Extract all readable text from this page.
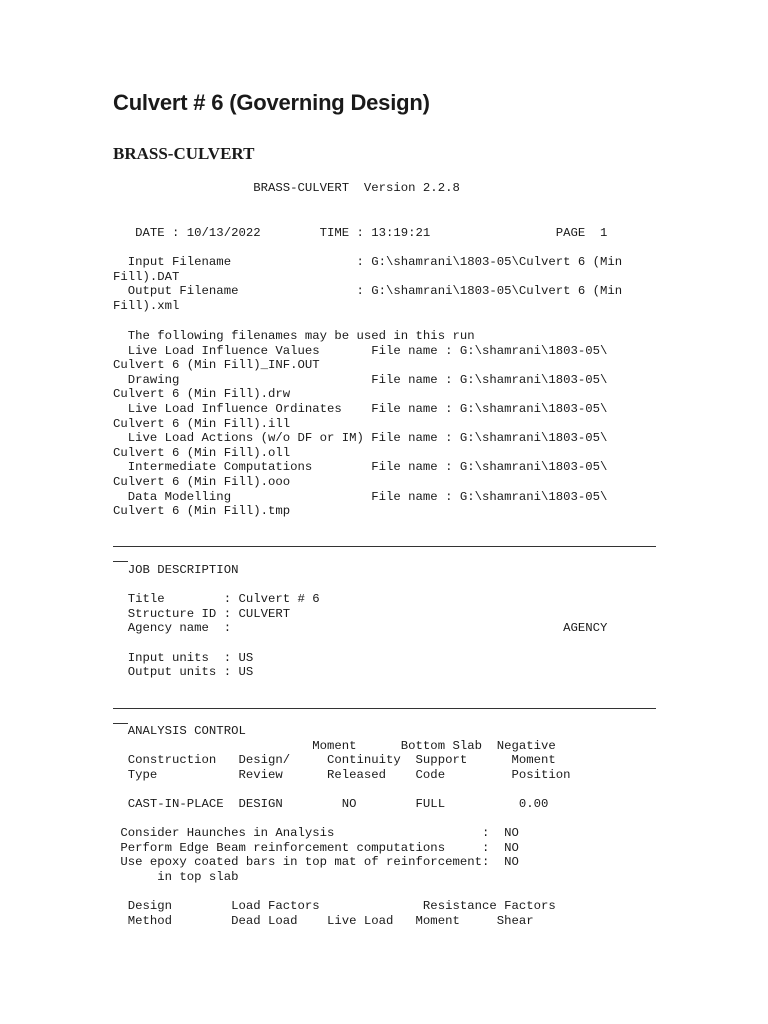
Culvert # 6 (Governing Design)
BRASS-CULVERT
BRASS-CULVERT  Version 2.2.8
DATE : 10/13/2022        TIME : 13:19:21                 PAGE  1
Input Filename                 : G:\shamrani\1803-05\Culvert 6 (Min
Fill).DAT
Output Filename                : G:\shamrani\1803-05\Culvert 6 (Min
Fill).xml
The following filenames may be used in this run
Live Load Influence Values       File name : G:\shamrani\1803-05\
Culvert 6 (Min Fill)_INF.OUT
Drawing                          File name : G:\shamrani\1803-05\
Culvert 6 (Min Fill).drw
Live Load Influence Ordinates    File name : G:\shamrani\1803-05\
Culvert 6 (Min Fill).ill
Live Load Actions (w/o DF or IM) File name : G:\shamrani\1803-05\
Culvert 6 (Min Fill).oll
Intermediate Computations        File name : G:\shamrani\1803-05\
Culvert 6 (Min Fill).ooo
Data Modelling                   File name : G:\shamrani\1803-05\
Culvert 6 (Min Fill).tmp
JOB DESCRIPTION

Title        : Culvert # 6
Structure ID : CULVERT
Agency name  :                                             AGENCY

Input units  : US
Output units : US
ANALYSIS CONTROL
Moment      Bottom Slab  Negative
Construction   Design/     Continuity  Support      Moment
Type           Review      Released    Code         Position

CAST-IN-PLACE  DESIGN        NO        FULL          0.00

Consider Haunches in Analysis                    :  NO
Perform Edge Beam reinforcement computations     :  NO
Use epoxy coated bars in top mat of reinforcement:  NO
in top slab

Design        Load Factors              Resistance Factors
Method        Dead Load    Live Load   Moment     Shear
